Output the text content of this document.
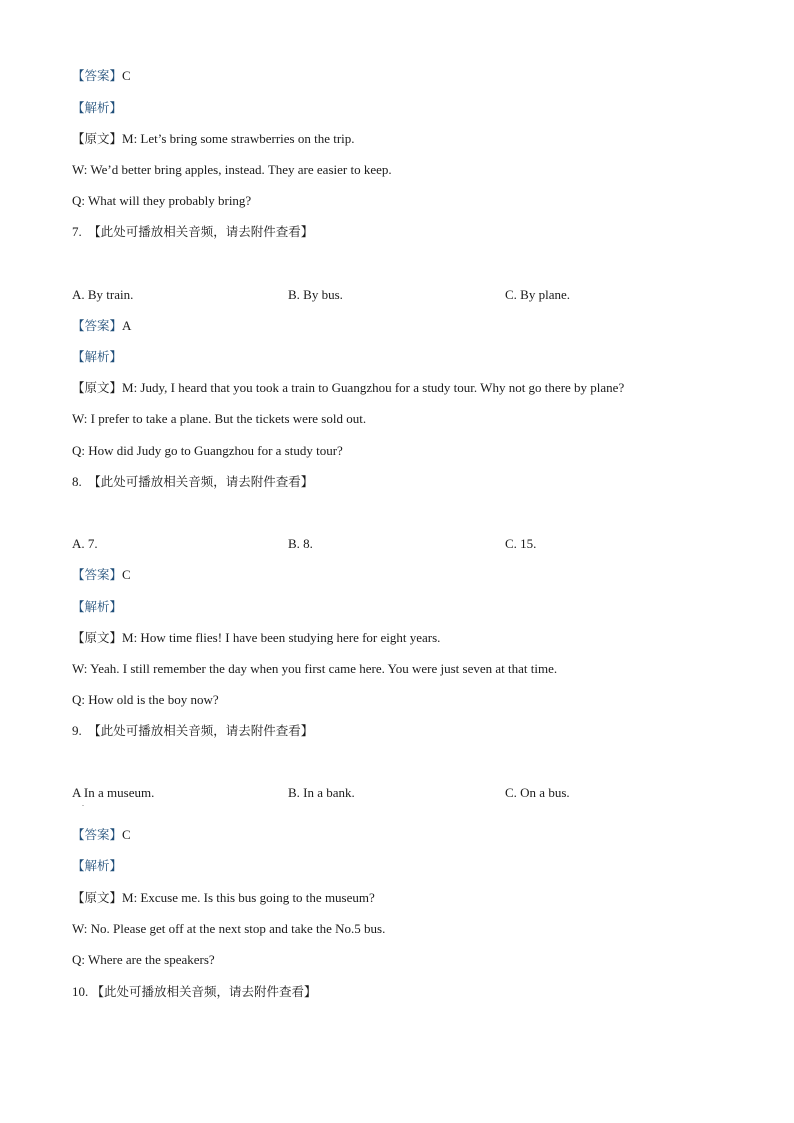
【答案】C
【解析】
【原文】M: Let’s bring some strawberries on the trip.
W: We’d better bring apples, instead. They are easier to keep.
Q: What will they probably bring?
7. 【此处可播放相关音频，请去附件查看】
A. By train.	B. By bus.	C. By plane.
【答案】A
【解析】
【原文】M: Judy, I heard that you took a train to Guangzhou for a study tour. Why not go there by plane?
W: I prefer to take a plane. But the tickets were sold out.
Q: How did Judy go to Guangzhou for a study tour?
8. 【此处可播放相关音频，请去附件查看】
A. 7.	B. 8.	C. 15.
【答案】C
【解析】
【原文】M: How time flies! I have been studying here for eight years.
W: Yeah. I still remember the day when you first came here. You were just seven at that time.
Q: How old is the boy now?
9. 【此处可播放相关音频，请去附件查看】
A In a museum.	B. In a bank.	C. On a bus.
.
【答案】C
【解析】
【原文】M: Excuse me. Is this bus going to the museum?
W: No. Please get off at the next stop and take the No.5 bus.
Q: Where are the speakers?
10. 【此处可播放相关音频，请去附件查看】
